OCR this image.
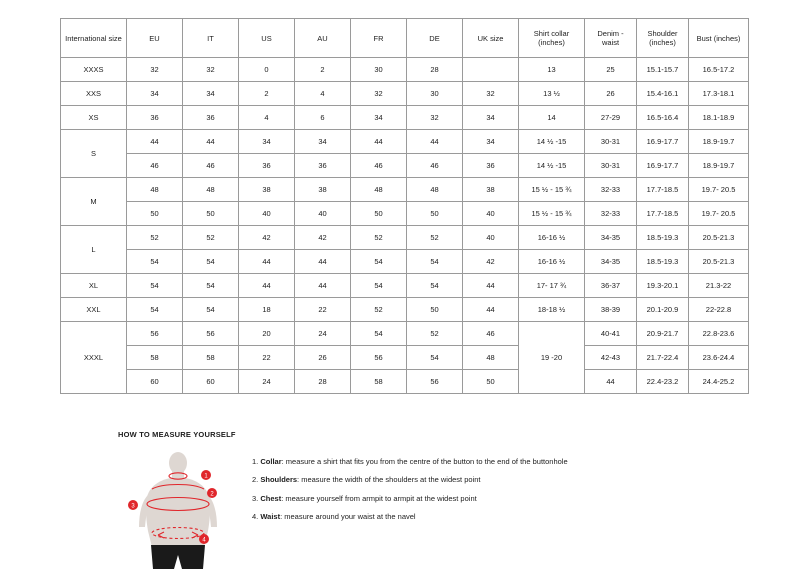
International size	EU	IT	US	AU	FR	DE	UK size	Shirt collar (inches)	Denim - waist	Shoulder (inches)	Bust (inches)
XXXS	32	32	0	2	30	28		13	25	15.1-15.7	16.5-17.2
XXS	34	34	2	4	32	30	32	13 ½	26	15.4-16.1	17.3-18.1
XS	36	36	4	6	34	32	34	14	27-29	16.5-16.4	18.1-18.9
S	44	44	34	34	44	44	34	14 ½ -15	30-31	16.9-17.7	18.9-19.7
	46	46	36	36	46	46	36	14 ½ -15	30-31	16.9-17.7	18.9-19.7
M	48	48	38	38	48	48	38	15 ½ - 15 ¾	32-33	17.7-18.5	19.7- 20.5
	50	50	40	40	50	50	40	15 ½ - 15 ¾	32-33	17.7-18.5	19.7- 20.5
L	52	52	42	42	52	52	40	16-16 ½	34-35	18.5-19.3	20.5-21.3
	54	54	44	44	54	54	42	16-16 ½	34-35	18.5-19.3	20.5-21.3
XL	54	54	44	44	54	54	44	17- 17 ¾	36-37	19.3-20.1	21.3-22
XXL	54	54	18	22	52	50	44	18-18 ½	38-39	20.1-20.9	22-22.8
XXXL	56	56	20	24	54	52	46	19 -20	40-41	20.9-21.7	22.8-23.6
	58	58	22	26	56	54	48		42-43	21.7-22.4	23.6-24.4
	60	60	24	28	58	56	50		44	22.4-23.2	24.4-25.2
HOW TO MEASURE YOURSELF
1
2
3
4
1. Collar: measure a shirt that fits you from the centre of the button to the end of the buttonhole
2. Shoulders: measure the width of the shoulders at the widest point
3. Chest: measure yourself from armpit to armpit at the widest point
4. Waist: measure around your waist at the navel
